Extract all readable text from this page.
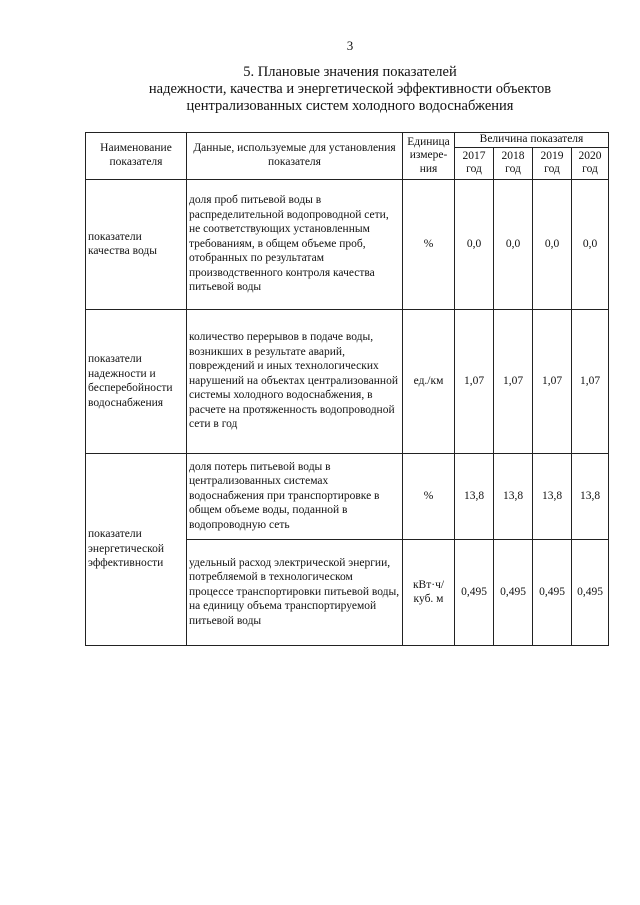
3
5. Плановые значения показателей
надежности, качества и энергетической эффективности объектов
централизованных систем холодного водоснабжения
Наименование показателя	Данные, используемые для установления показателя	Единица измере-ния	Величина показателя			
			2017 год	2018 год	2019 год	2020 год
показатели качества воды	доля проб питьевой воды в распределительной водопроводной сети, не соответствующих установленным требованиям, в общем объеме проб, отобранных по результатам производственного контроля качества питьевой воды	%	0,0	0,0	0,0	0,0
показатели надежности и бесперебойности водоснабжения	количество перерывов в подаче воды, возникших в результате аварий, повреждений и иных технологических нарушений на объектах централизованной системы холодного водоснабжения, в расчете на протяженность водопроводной сети в год	ед./км	1,07	1,07	1,07	1,07
показатели энергетической эффективности	доля потерь питьевой воды в централизованных системах водоснабжения при транспортировке в общем объеме воды, поданной в водопроводную сеть	%	13,8	13,8	13,8	13,8
	удельный расход электрической энергии, потребляемой в технологическом процессе транспортировки питьевой воды, на единицу объема транспортируемой питьевой воды	кВт·ч/ куб. м	0,495	0,495	0,495	0,495
